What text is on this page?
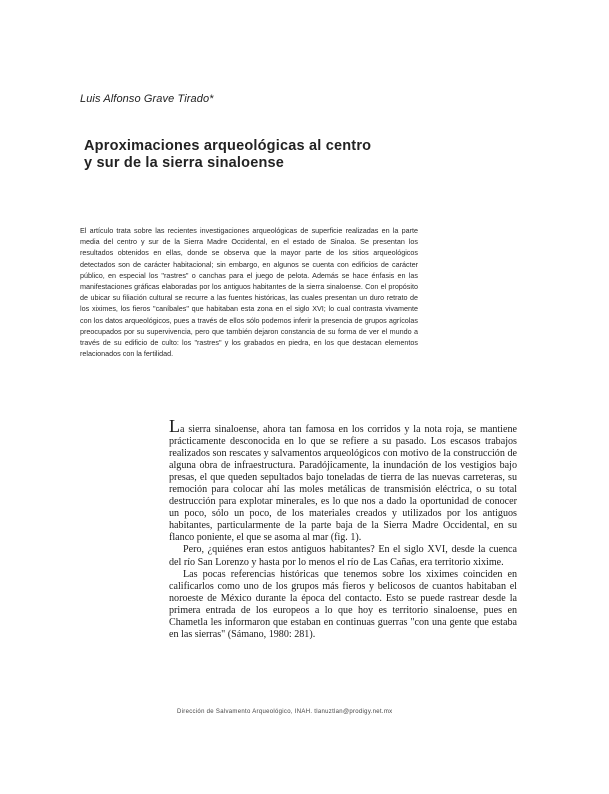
Luis Alfonso Grave Tirado*
Aproximaciones arqueológicas al centro
y sur de la sierra sinaloense
El artículo trata sobre las recientes investigaciones arqueológicas de superficie realizadas en la parte media del centro y sur de la Sierra Madre Occidental, en el estado de Sinaloa. Se presentan los resultados obtenidos en ellas, donde se observa que la mayor parte de los sitios arqueológicos detectados son de carácter habitacional; sin embargo, en algunos se cuenta con edificios de carácter público, en especial los "rastres" o canchas para el juego de pelota. Además se hace énfasis en las manifestaciones gráficas elaboradas por los antiguos habitantes de la sierra sinaloense. Con el propósito de ubicar su filiación cultural se recurre a las fuentes históricas, las cuales presentan un duro retrato de los xiximes, los fieros "caníbales" que habitaban esta zona en el siglo XVI; lo cual contrasta vivamente con los datos arqueológicos, pues a través de ellos sólo podemos inferir la presencia de grupos agrícolas preocupados por su supervivencia, pero que también dejaron constancia de su forma de ver el mundo a través de su edificio de culto: los "rastres" y los grabados en piedra, en los que destacan elementos relacionados con la fertilidad.

La sierra sinaloense, ahora tan famosa en los corridos y la nota roja, se mantiene prácticamente desconocida en lo que se refiere a su pasado. Los escasos trabajos realizados son rescates y salvamentos arqueológicos con motivo de la construcción de alguna obra de infraestructura. Paradójicamente, la inundación de los vestigios bajo presas, el que queden sepultados bajo toneladas de tierra de las nuevas carreteras, su remoción para colocar ahí las moles metálicas de transmisión eléctrica, o su total destrucción para explotar minerales, es lo que nos a dado la oportunidad de conocer un poco, sólo un poco, de los materiales creados y utilizados por los antiguos habitantes, particularmente de la parte baja de la Sierra Madre Occidental, en su flanco poniente, el que se asoma al mar (fig. 1).

Pero, ¿quiénes eran estos antiguos habitantes? En el siglo XVI, desde la cuenca del río San Lorenzo y hasta por lo menos el río de Las Cañas, era territorio xixime.

Las pocas referencias históricas que tenemos sobre los xiximes coinciden en calificarlos como uno de los grupos más fieros y belicosos de cuantos habitaban el noroeste de México durante la época del contacto. Esto se puede rastrear desde la primera entrada de los europeos a lo que hoy es territorio sinaloense, pues en Chametla les informaron que estaban en continuas guerras "con una gente que estaba en las sierras" (Sámano, 1980: 281).

Dirección de Salvamento Arqueológico, INAH. tlanuztlan@prodigy.net.mx
